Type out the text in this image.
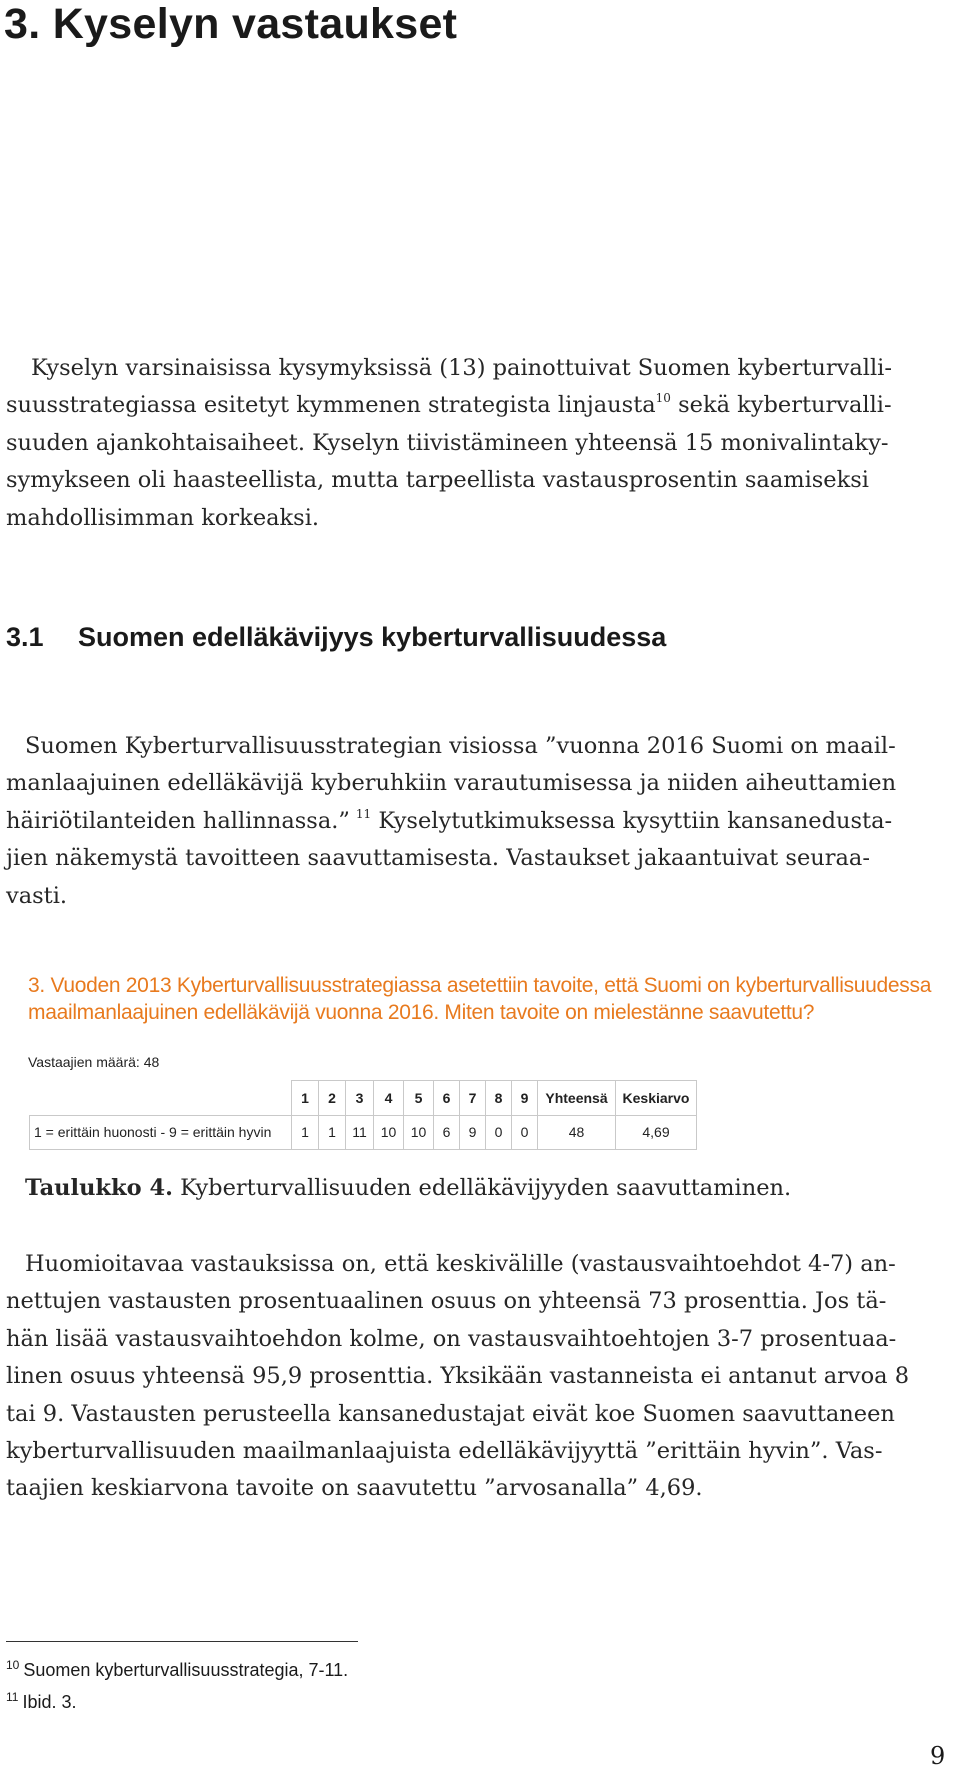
3. Kyselyn vastaukset

Kyselyn varsinaisissa kysymyksissä (13) painottuivat Suomen kyberturvalli-

suusstrategiassa esitetyt kymmenen strategista linjausta$^{10}$ sekä kyberturvalli-

suuden ajankohtaisaiheet. Kyselyn tiivistämineen yhteensä 15 monivalintaky-

symykseen oli haasteellista, mutta tarpeellista vastausprosentin saamiseksi

mahdollisimman korkeaksi.

3.1 Suomen edelläkävijyys kyberturvallisuudessa

Suomen Kyberturvallisuusstrategian visiossa ”vuonna 2016 Suomi on maail-

manlaajuinen edelläkävijä kyberuhkiin varautumisessa ja niiden aiheuttamien

häiriötilanteiden hallinnassa.” $^{11}$ Kyselytutkimuksessa kysyttiin kansanedusta-

jien näkemystä tavoitteen saavuttamisesta. Vastaukset jakaantuivat seuraa-

vasti.

3. Vuoden 2013 Kyberturvallisuusstrategiassa asetettiin tavoite, että Suomi on kyberturvallisuudessa

maailmanlaajuinen edelläkävijä vuonna 2016. Miten tavoite on mielestänne saavutettu?

Vastaajien määrä: 48
	1	2	3	4	5	6	7	8	9	Yhteensä	Keskiarvo
1 = erittäin huonosti - 9 = erittäin hyvin	1	1	11	10	10	6	9	0	0	48	4,69
Taulukko 4. Kyberturvallisuuden edelläkävijyyden saavuttaminen.

Huomioitavaa vastauksissa on, että keskivälille (vastausvaihtoehdot 4-7) an-

nettujen vastausten prosentuaalinen osuus on yhteensä 73 prosenttia. Jos tä-

hän lisää vastausvaihtoehdon kolme, on vastausvaihtoehtojen 3-7 prosentuaa-

linen osuus yhteensä 95,9 prosenttia. Yksikään vastanneista ei antanut arvoa 8

tai 9. Vastausten perusteella kansanedustajat eivät koe Suomen saavuttaneen

kyberturvallisuuden maailmanlaajuista edelläkävijyyttä ”erittäin hyvin”. Vas-

taajien keskiarvona tavoite on saavutettu ”arvosanalla” 4,69.

$^{10}$ Suomen kyberturvallisuusstrategia, 7-11.

$^{11}$ Ibid. 3.

9
